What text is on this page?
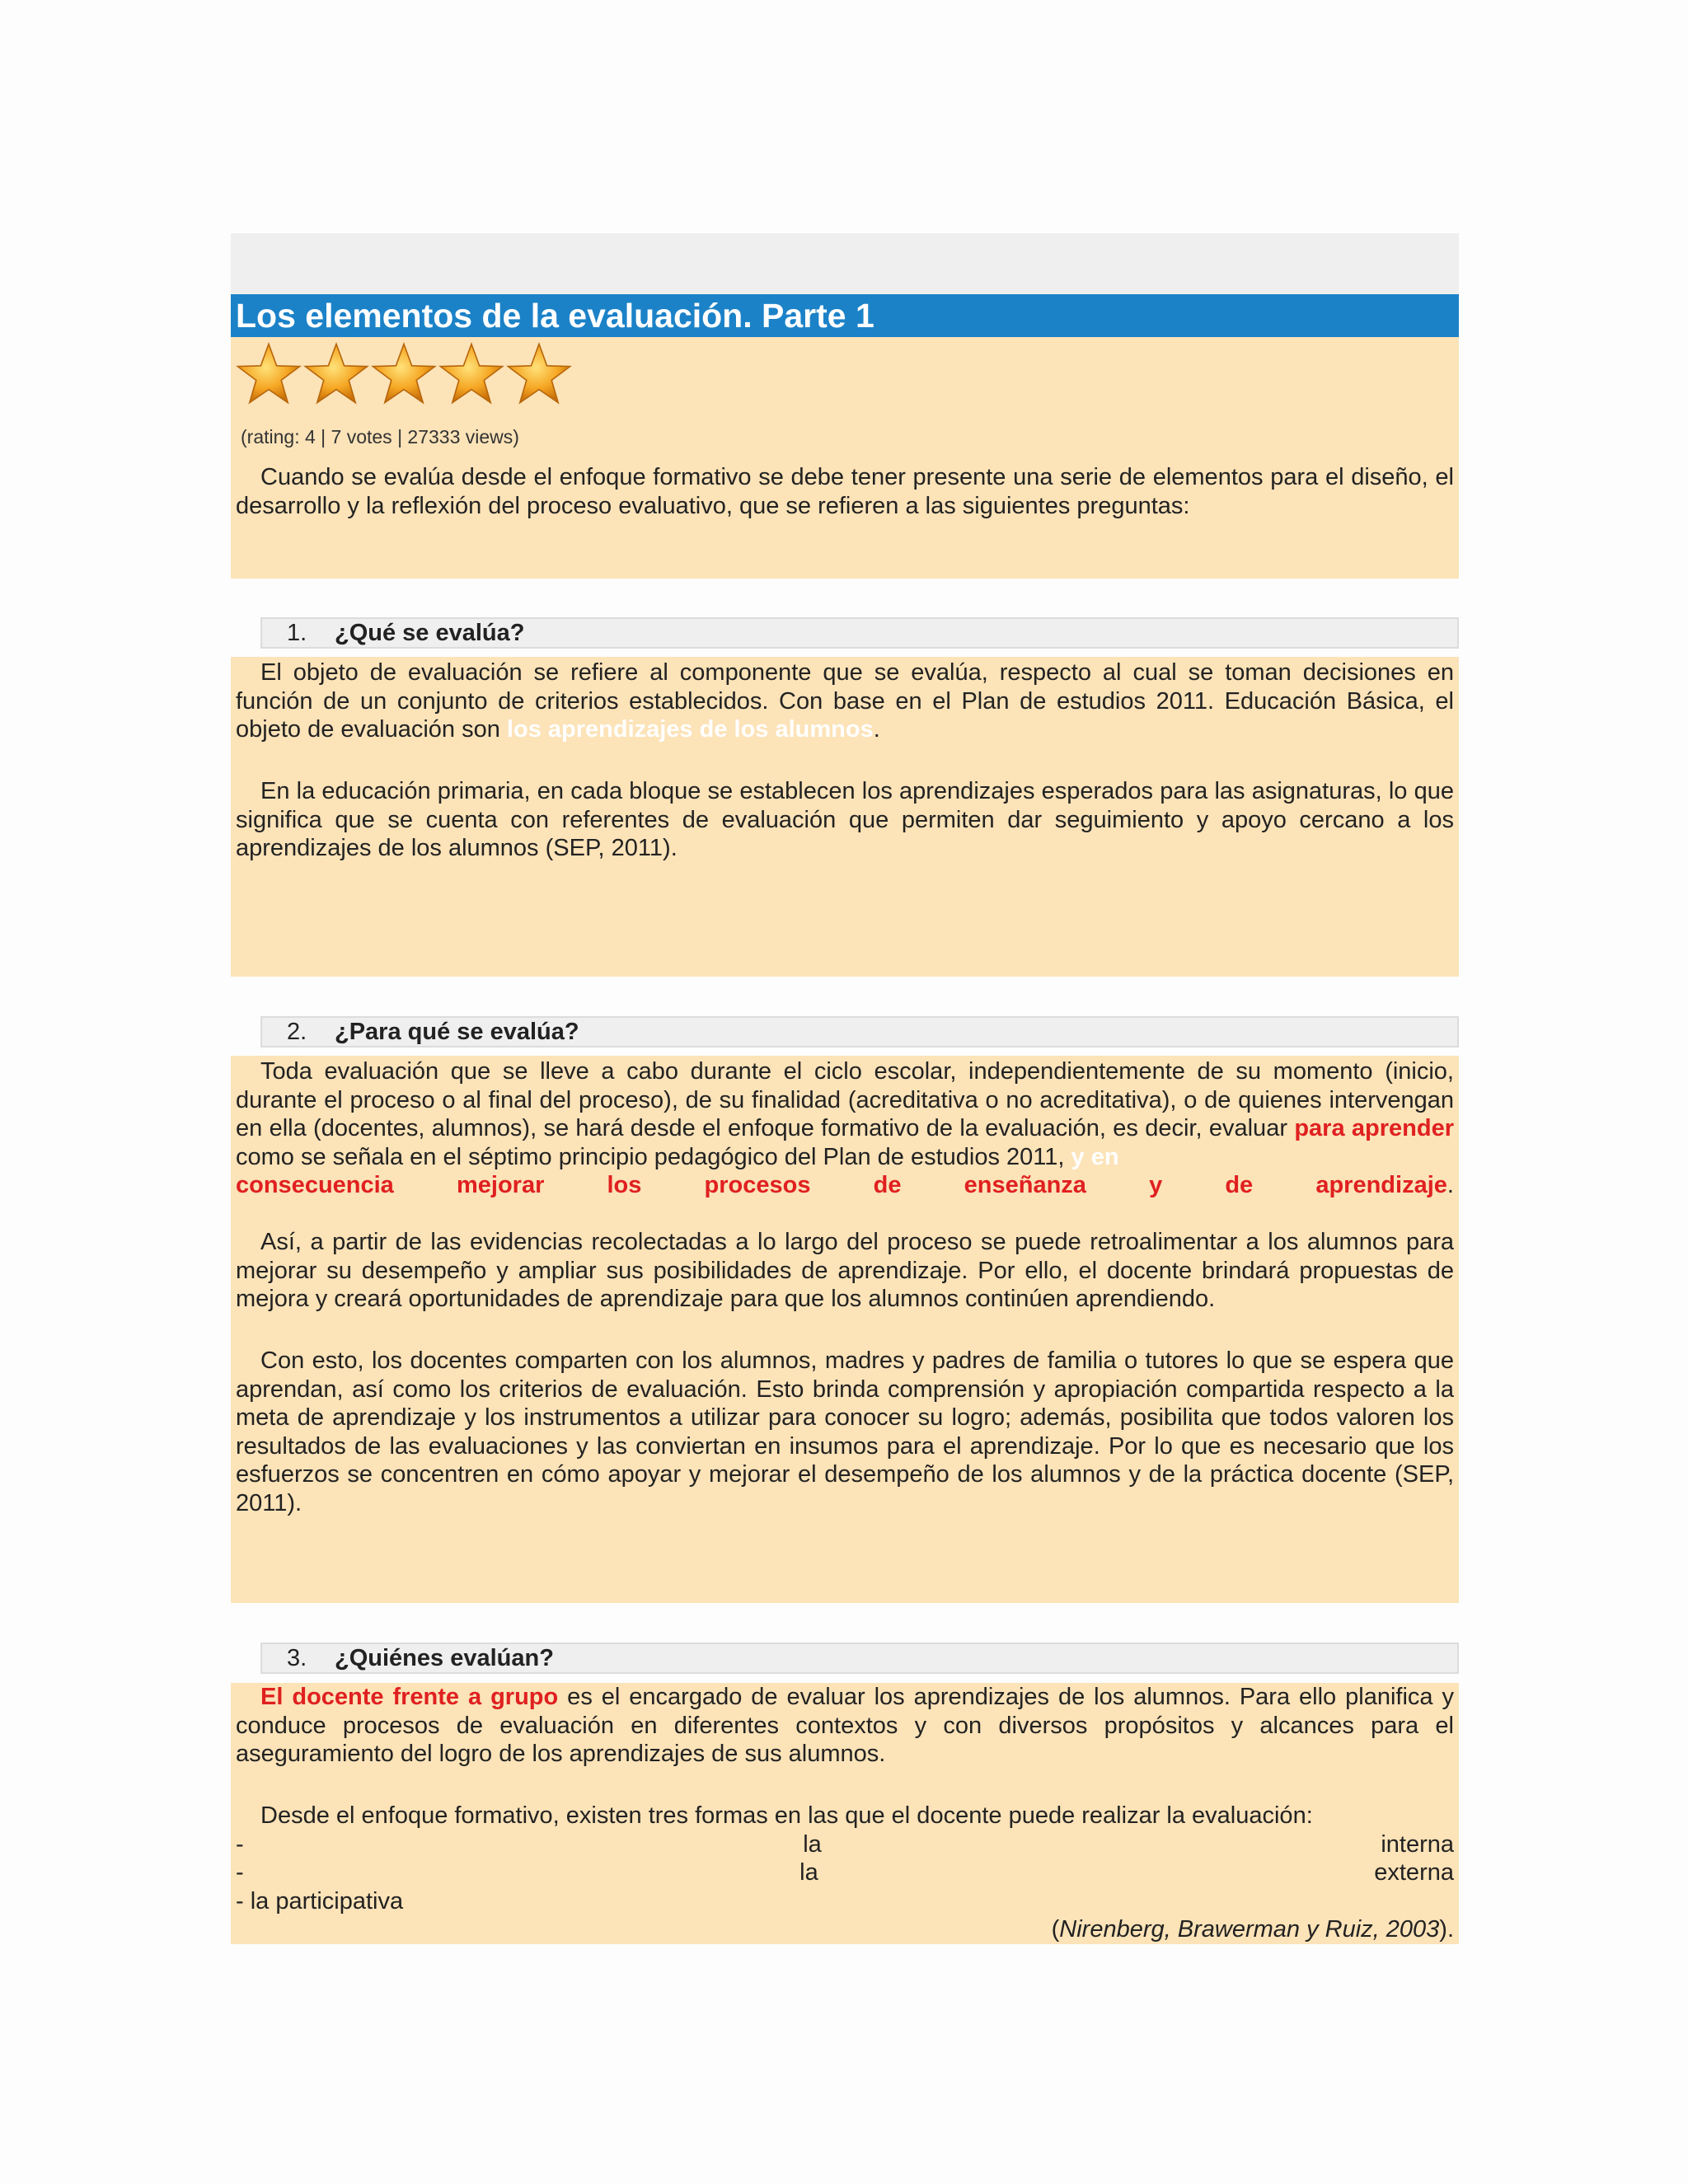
Los elementos de la evaluación. Parte 1
(rating: 4 | 7 votes | 27333 views)

Cuando se evalúa desde el enfoque formativo se debe tener presente una serie de elementos para el diseño, el desarrollo y la reflexión del proceso evaluativo, que se refieren a las siguientes preguntas:

1. ¿Qué se evalúa?

El objeto de evaluación se refiere al componente que se evalúa, respecto al cual se toman decisiones en función de un conjunto de criterios establecidos. Con base en el Plan de estudios 2011. Educación Básica, el objeto de evaluación son los aprendizajes de los alumnos.

En la educación primaria, en cada bloque se establecen los aprendizajes esperados para las asignaturas, lo que significa que se cuenta con referentes de evaluación que permiten dar seguimiento y apoyo cercano a los aprendizajes de los alumnos (SEP, 2011).

2. ¿Para qué se evalúa?

Toda evaluación que se lleve a cabo durante el ciclo escolar, independientemente de su momento (inicio, durante el proceso o al final del proceso), de su finalidad (acreditativa o no acreditativa), o de quienes intervengan en ella (docentes, alumnos), se hará desde el enfoque formativo de la evaluación, es decir, evaluar para aprender como se señala en el séptimo principio pedagógico del Plan de estudios 2011, y en

consecuencia	mejorar	los	procesos	de	enseñanza	y	de	aprendizaje.

Así, a partir de las evidencias recolectadas a lo largo del proceso se puede retroalimentar a los alumnos para mejorar su desempeño y ampliar sus posibilidades de aprendizaje. Por ello, el docente brindará propuestas de mejora y creará oportunidades de aprendizaje para que los alumnos continúen aprendiendo.

Con esto, los docentes comparten con los alumnos, madres y padres de familia o tutores lo que se espera que aprendan, así como los criterios de evaluación. Esto brinda comprensión y apropiación compartida respecto a la meta de aprendizaje y los instrumentos a utilizar para conocer su logro; además, posibilita que todos valoren los resultados de las evaluaciones y las conviertan en insumos para el aprendizaje. Por lo que es necesario que los esfuerzos se concentren en cómo apoyar y mejorar el desempeño de los alumnos y de la práctica docente (SEP, 2011).

3. ¿Quiénes evalúan?

El docente frente a grupo es el encargado de evaluar los aprendizajes de los alumnos. Para ello planifica y conduce procesos de evaluación en diferentes contextos y con diversos propósitos y alcances para el aseguramiento del logro de los aprendizajes de sus alumnos.

Desde el enfoque formativo, existen tres formas en las que el docente puede realizar la evaluación:

-	la	interna
-	la	externa
- la participativa
(Nirenberg, Brawerman y Ruiz, 2003).
